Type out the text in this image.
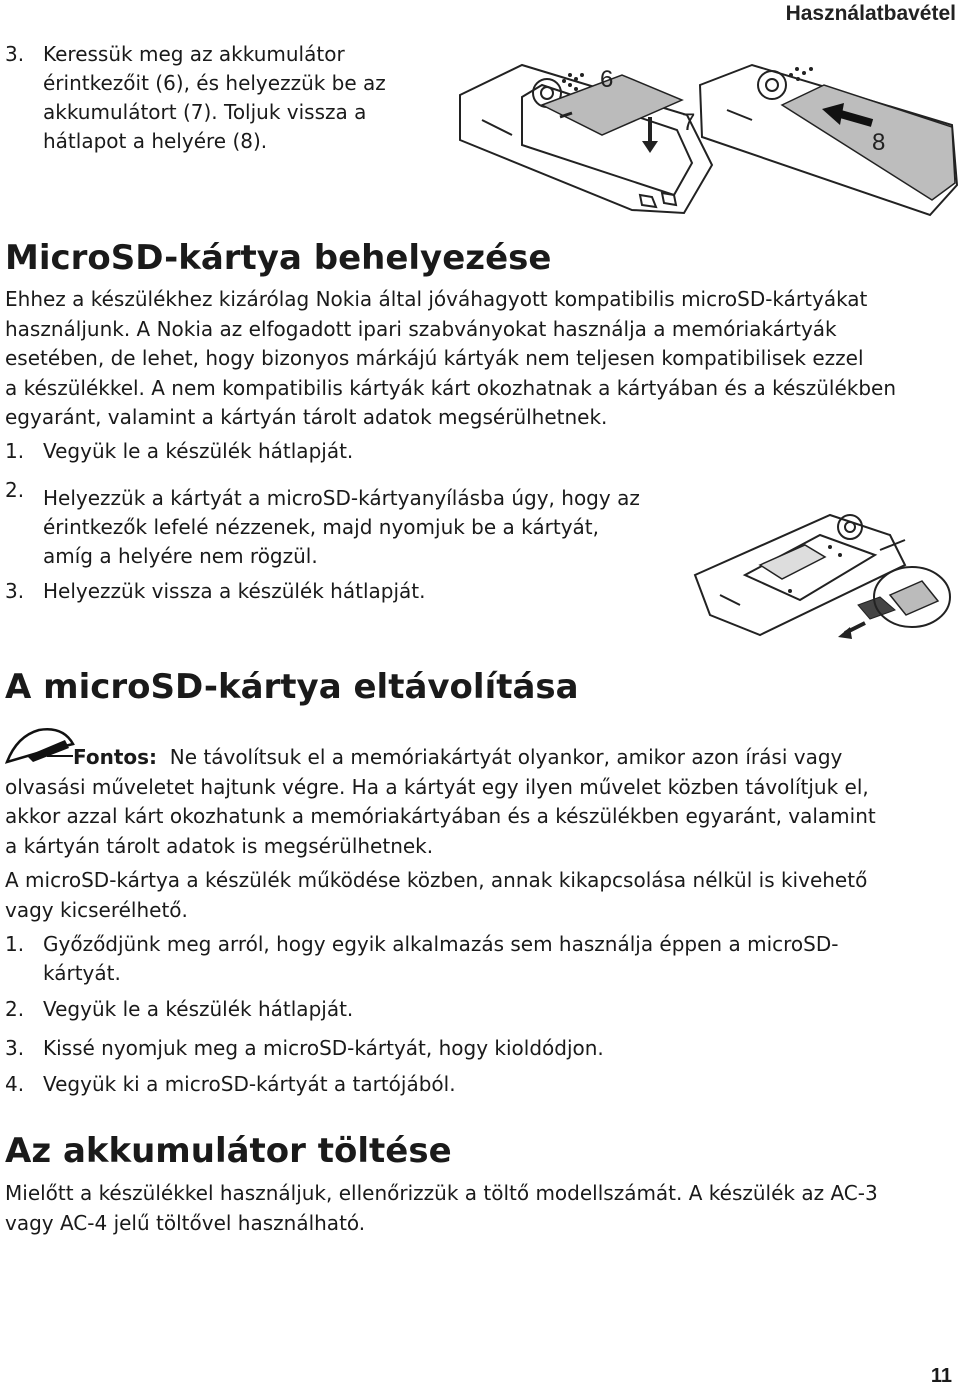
Használatbavétel
3. Keressük meg az akkumulátor
érintkezőit (6), és helyezzük be az
akkumulátort (7). Toljuk vissza a
hátlapot a helyére (8).
6
7
8
MicroSD-kártya behelyezése
Ehhez a készülékhez kizárólag Nokia által jóváhagyott kompatibilis microSD-kártyákat
használjunk. A Nokia az elfogadott ipari szabványokat használja a memóriakártyák
esetében, de lehet, hogy bizonyos márkájú kártyák nem teljesen kompatibilisek ezzel
a készülékkel. A nem kompatibilis kártyák kárt okozhatnak a kártyában és a készülékben
egyaránt, valamint a kártyán tárolt adatok megsérülhetnek.
1. Vegyük le a készülék hátlapját.
2. Helyezzük a kártyát a microSD-kártyanyílásba úgy, hogy az
érintkezők lefelé nézzenek, majd nyomjuk be a kártyát,
amíg a helyére nem rögzül.
3. Helyezzük vissza a készülék hátlapját.
A microSD-kártya eltávolítása
Fontos: Ne távolítsuk el a memóriakártyát olyankor, amikor azon írási vagy
olvasási műveletet hajtunk végre. Ha a kártyát egy ilyen művelet közben távolítjuk el,
akkor azzal kárt okozhatunk a memóriakártyában és a készülékben egyaránt, valamint
a kártyán tárolt adatok is megsérülhetnek.
A microSD-kártya a készülék működése közben, annak kikapcsolása nélkül is kivehető
vagy kicserélhető.
1. Győződjünk meg arról, hogy egyik alkalmazás sem használja éppen a microSD-
kártyát.
2. Vegyük le a készülék hátlapját.
3. Kissé nyomjuk meg a microSD-kártyát, hogy kioldódjon.
4. Vegyük ki a microSD-kártyát a tartójából.
Az akkumulátor töltése
Mielőtt a készülékkel használjuk, ellenőrizzük a töltő modellszámát. A készülék az AC-3
vagy AC-4 jelű töltővel használható.
11
